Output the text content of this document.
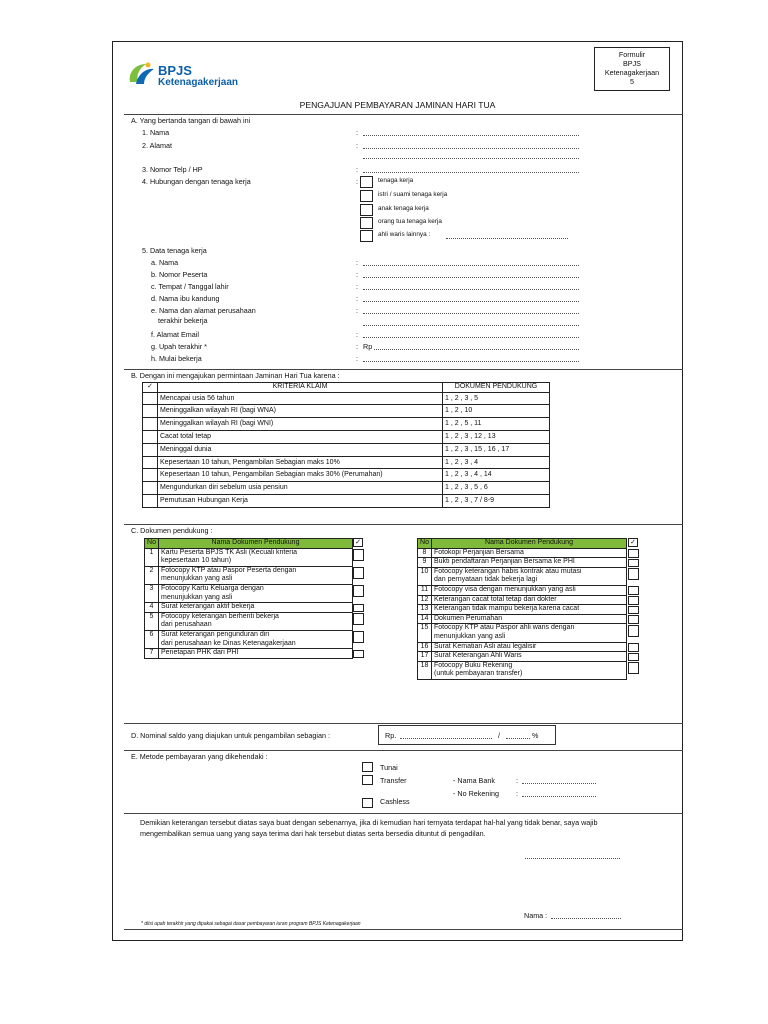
BPJS
Ketenagakerjaan
Formulir
BPJS
Ketenagakerjaan
5
PENGAJUAN PEMBAYARAN JAMINAN HARI TUA
A. Yang bertanda tangan di bawah ini
B. Dengan ini mengajukan permintaan Jaminan Hari Tua karena :
✓	KRITERIA KLAIM	DOKUMEN PENDUKUNG
	Mencapai usia 56 tahun	1 , 2 , 3 , 5
	Meninggalkan wilayah RI (bagi WNA)	1 , 2 , 10
	Meninggalkan wilayah RI (bagi WNI)	1 , 2 , 5 , 11
	Cacat total tetap	1 , 2 , 3 , 12 , 13
	Meninggal dunia	1 , 2 , 3 , 15 , 16 , 17
	Kepesertaan 10 tahun, Pengambilan Sebagian maks 10%	1 , 2 , 3 , 4
	Kepesertaan 10 tahun, Pengambilan Sebagian maks 30% (Perumahan)	1 , 2 , 3 , 4 , 14
	Mengundurkan diri sebelum usia pensiun	1 , 2 , 3 , 5 , 6
	Pemutusan Hubungan Kerja	1 , 2 , 3 , 7 / 8-9
C. Dokumen pendukung :
No	Nama Dokumen Pendukung
1	Kartu Peserta BPJS TK Asli (Kecuali kriteria
kepesertaan 10 tahun)

2	Fotocopy KTP atau Paspor Peserta dengan
menunjukkan yang asli

3	Fotocopy Kartu Keluarga dengan
menunjukkan yang asli

4	Surat keterangan aktif bekerja

5	Fotocopy keterangan berhenti bekerja
dari perusahaan

6	Surat keterangan pengunduran diri
dari perusahaan ke Dinas Ketenagakerjaan

7	Penetapan PHK dari PHI
✓	No	Nama Dokumen Pendukung
8	Fotokopi Perjanjian Bersama

9	Bukti pendaftaran Perjanjian Bersama ke PHI

10	Fotocopy keterangan habis kontrak atau mutasi
dan pernyataan tidak bekerja lagi

11	Fotocopy visa dengan menunjukkan yang asli

12	Keterangan cacat total tetap dari dokter

13	Keterangan tidak mampu bekerja karena cacat

14	Dokumen Perumahan

15	Fotocopy KTP atau Paspor ahli waris dengan
menunjukkan yang asli

16	Surat Kematian Asli atau legalisir

17	Surat Keterangan Ahli Waris

18	Fotocopy Buku Rekening
(untuk pembayaran transfer)
✓
D. Nominal saldo yang diajukan untuk pengambilan sebagian :	Rp.	/	%
E. Metode pembayaran yang dikehendaki :
Tunai
Transfer	- Nama Bank	:
- No Rekening :
Cashless
Demikian keterangan tersebut diatas saya buat dengan sebenarnya, jika di kemudian hari ternyata terdapat hal-hal yang tidak benar, saya wajib
mengembalikan semua uang yang saya terima dari hak tersebut diatas serta bersedia dituntut di pengadilan.
Nama :
* diisi upah terakhir yang dipakai sebagai dasar pembayaran iuran program BPJS Ketenagakerjaan
1. Nama	:
2. Alamat	:
3. Nomor Telp / HP	:
4. Hubungan dengan tenaga kerja	:	tenaga kerja
istri / suami tenaga kerja
anak tenaga kerja
orang tua tenaga kerja
ahli waris lainnya :
5. Data tenaga kerja
a. Nama	:
b. Nomor Peserta	:
c. Tempat / Tanggal lahir	:
d. Nama ibu kandung	:
e. Nama dan alamat perusahaan
terakhir bekerja
:
f. Alamat Email	:
g. Upah terakhir *	: Rp
h. Mulai bekerja	:
